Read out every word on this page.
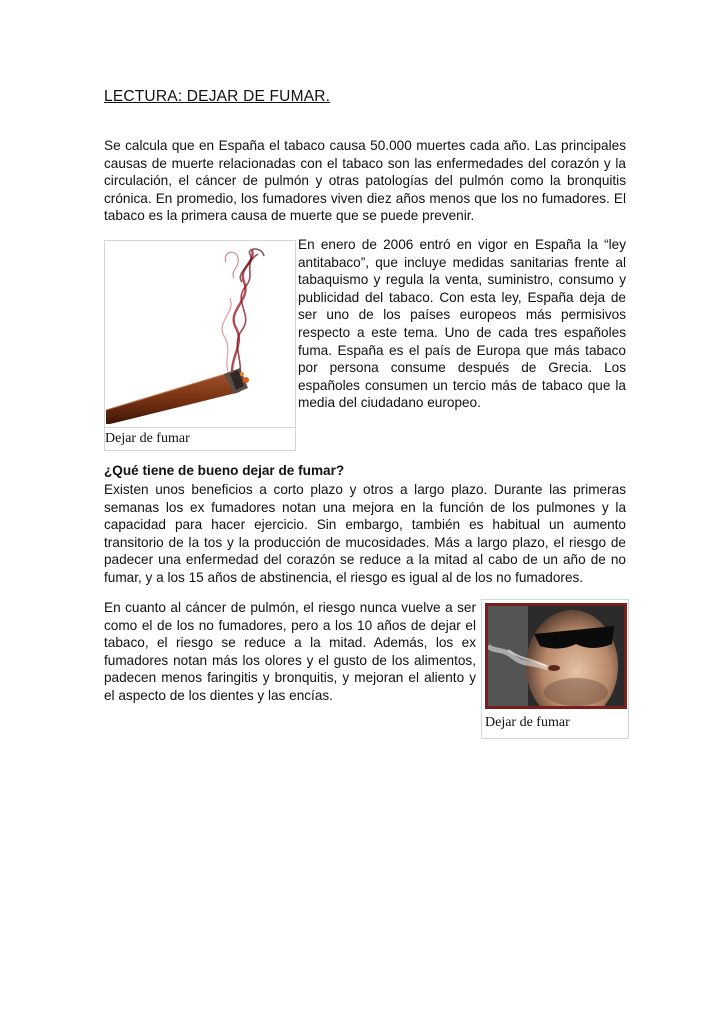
LECTURA: DEJAR DE FUMAR.

Se calcula que en España el tabaco causa 50.000 muertes cada año. Las principales causas de muerte relacionadas con el tabaco son las enfermedades del corazón y la circulación, el cáncer de pulmón y otras patologías del pulmón como la bronquitis crónica. En promedio, los fumadores viven diez años menos que los no fumadores. El tabaco es la primera causa de muerte que se puede prevenir.

Dejar de fumar

En enero de 2006 entró en vigor en España la “ley antitabaco”, que incluye medidas sanitarias frente al tabaquismo y regula la venta, suministro, consumo y publicidad del tabaco. Con esta ley, España deja de ser uno de los países europeos más permisivos respecto a este tema. Uno de cada tres españoles fuma. España es el país de Europa que más tabaco por persona consume después de Grecia. Los españoles consumen un tercio más de tabaco que la media del ciudadano europeo.

¿Qué tiene de bueno dejar de fumar?

Existen unos beneficios a corto plazo y otros a largo plazo. Durante las primeras semanas los ex fumadores notan una mejora en la función de los pulmones y la capacidad para hacer ejercicio. Sin embargo, también es habitual un aumento transitorio de la tos y la producción de mucosidades. Más a largo plazo, el riesgo de padecer una enfermedad del corazón se reduce a la mitad al cabo de un año de no fumar, y a los 15 años de abstinencia, el riesgo es igual al de los no fumadores.

En cuanto al cáncer de pulmón, el riesgo nunca vuelve a ser como el de los no fumadores, pero a los 10 años de dejar el tabaco, el riesgo se reduce a la mitad. Además, los ex fumadores notan más los olores y el gusto de los alimentos, padecen menos faringitis y bronquitis, y mejoran el aliento y el aspecto de los dientes y las encías.

Dejar de fumar
